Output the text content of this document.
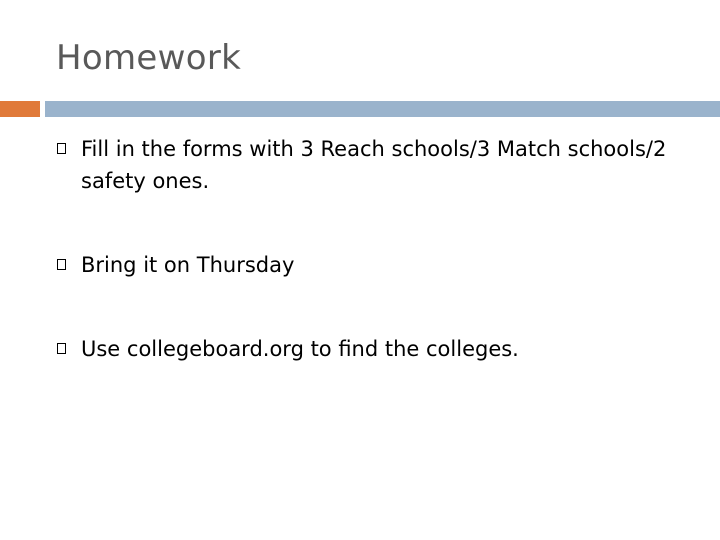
Homework
Fill in the forms with 3 Reach schools/3 Match schools/2 safety ones.
Bring it on Thursday
Use collegeboard.org to find the colleges.
